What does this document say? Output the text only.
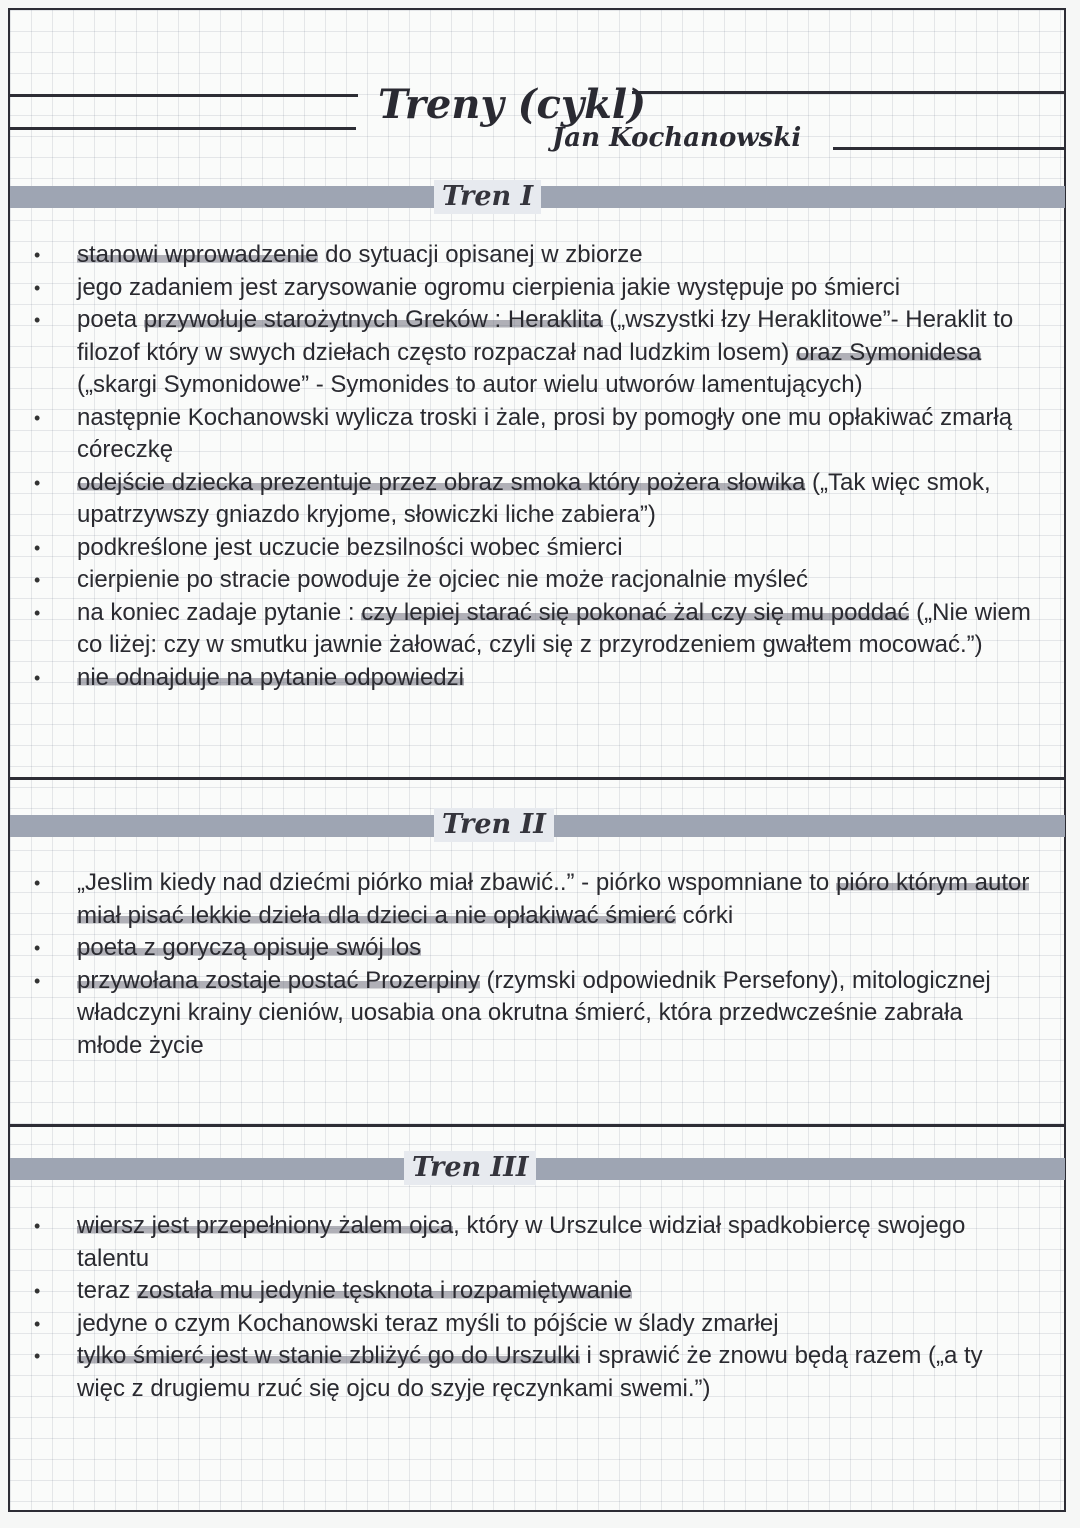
Treny (cykl)
Jan Kochanowski
Tren I
• stanowi wprowadzenie do sytuacji opisanej w zbiorze
• jego zadaniem jest zarysowanie ogromu cierpienia jakie występuje po śmierci
• poeta przywołuje starożytnych Greków : Heraklita („wszystki łzy Heraklitowe”- Heraklit to filozof który w swych dziełach często rozpaczał nad ludzkim losem) oraz Symonidesa („skargi Symonidowe” - Symonides to autor wielu utworów lamentujących)
• następnie Kochanowski wylicza troski i żale, prosi by pomogły one mu opłakiwać zmarłą córeczkę
• odejście dziecka prezentuje przez obraz smoka który pożera słowika („Tak więc smok, upatrzywszy gniazdo kryjome, słowiczki liche zabiera”)
• podkreślone jest uczucie bezsilności wobec śmierci
• cierpienie po stracie powoduje że ojciec nie może racjonalnie myśleć
• na koniec zadaje pytanie : czy lepiej starać się pokonać żal czy się mu poddać („Nie wiem co liżej: czy w smutku jawnie żałować, czyli się z przyrodzeniem gwałtem mocować.”)
• nie odnajduje na pytanie odpowiedzi
Tren II
• „Jeslim kiedy nad dziećmi piórko miał zbawić..” - piórko wspomniane to pióro którym autor miał pisać lekkie dzieła dla dzieci a nie opłakiwać śmierć córki
• poeta z goryczą opisuje swój los
• przywołana zostaje postać Prozerpiny (rzymski odpowiednik Persefony), mitologicznej władczyni krainy cieniów, uosabia ona okrutna śmierć, która przedwcześnie zabrała młode życie
Tren III
• wiersz jest przepełniony żalem ojca, który w Urszulce widział spadkobiercę swojego talentu
• teraz została mu jedynie tęsknota i rozpamiętywanie
• jedyne o czym Kochanowski teraz myśli to pójście w ślady zmarłej
• tylko śmierć jest w stanie zbliżyć go do Urszulki i sprawić że znowu będą razem („a ty więc z drugiemu rzuć się ojcu do szyje ręczynkami swemi.”)
